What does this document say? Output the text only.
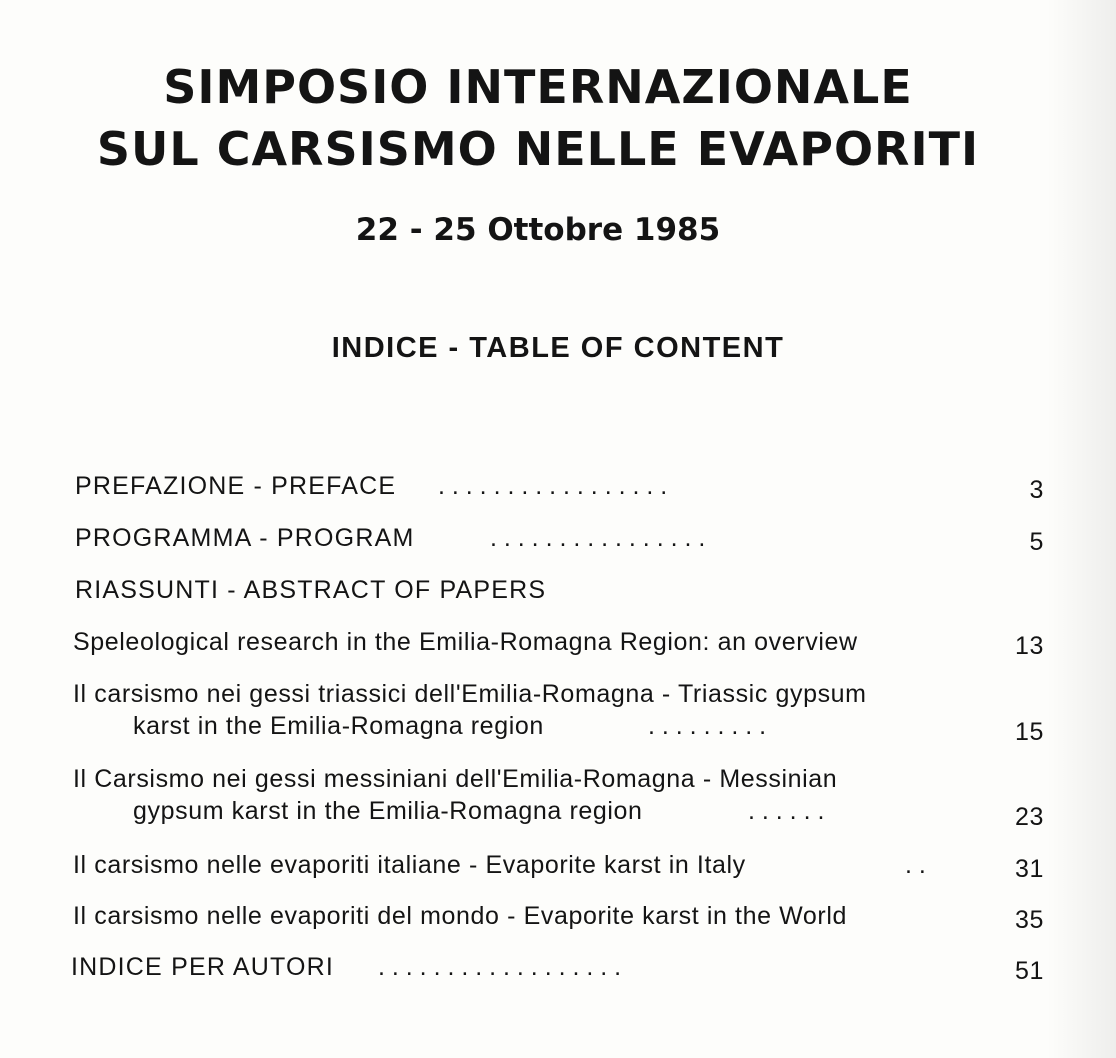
SIMPOSIO INTERNAZIONALE
SUL CARSISMO NELLE EVAPORITI
22 - 25 Ottobre 1985
INDICE - TABLE OF CONTENT
PREFAZIONE - PREFACE . . . . . . . . . . . . . . . . .	3
PROGRAMMA - PROGRAM	. . . . . . . . . . . . . . . .	5
RIASSUNTI - ABSTRACT OF PAPERS
Speleological research in the Emilia-Romagna Region: an overview	13
Il carsismo nei gessi triassici dell'Emilia-Romagna - Triassic gypsum
karst in the Emilia-Romagna region	. . . . . . . . .	15
Il Carsismo nei gessi messiniani dell'Emilia-Romagna - Messinian
gypsum karst in the Emilia-Romagna region	. . . . . .	23
Il carsismo nelle evaporiti italiane - Evaporite karst in Italy	. .	31
Il carsismo nelle evaporiti del mondo - Evaporite karst in the World	35
INDICE PER AUTORI . . . . . . . . . . . . . . . . . .	51
